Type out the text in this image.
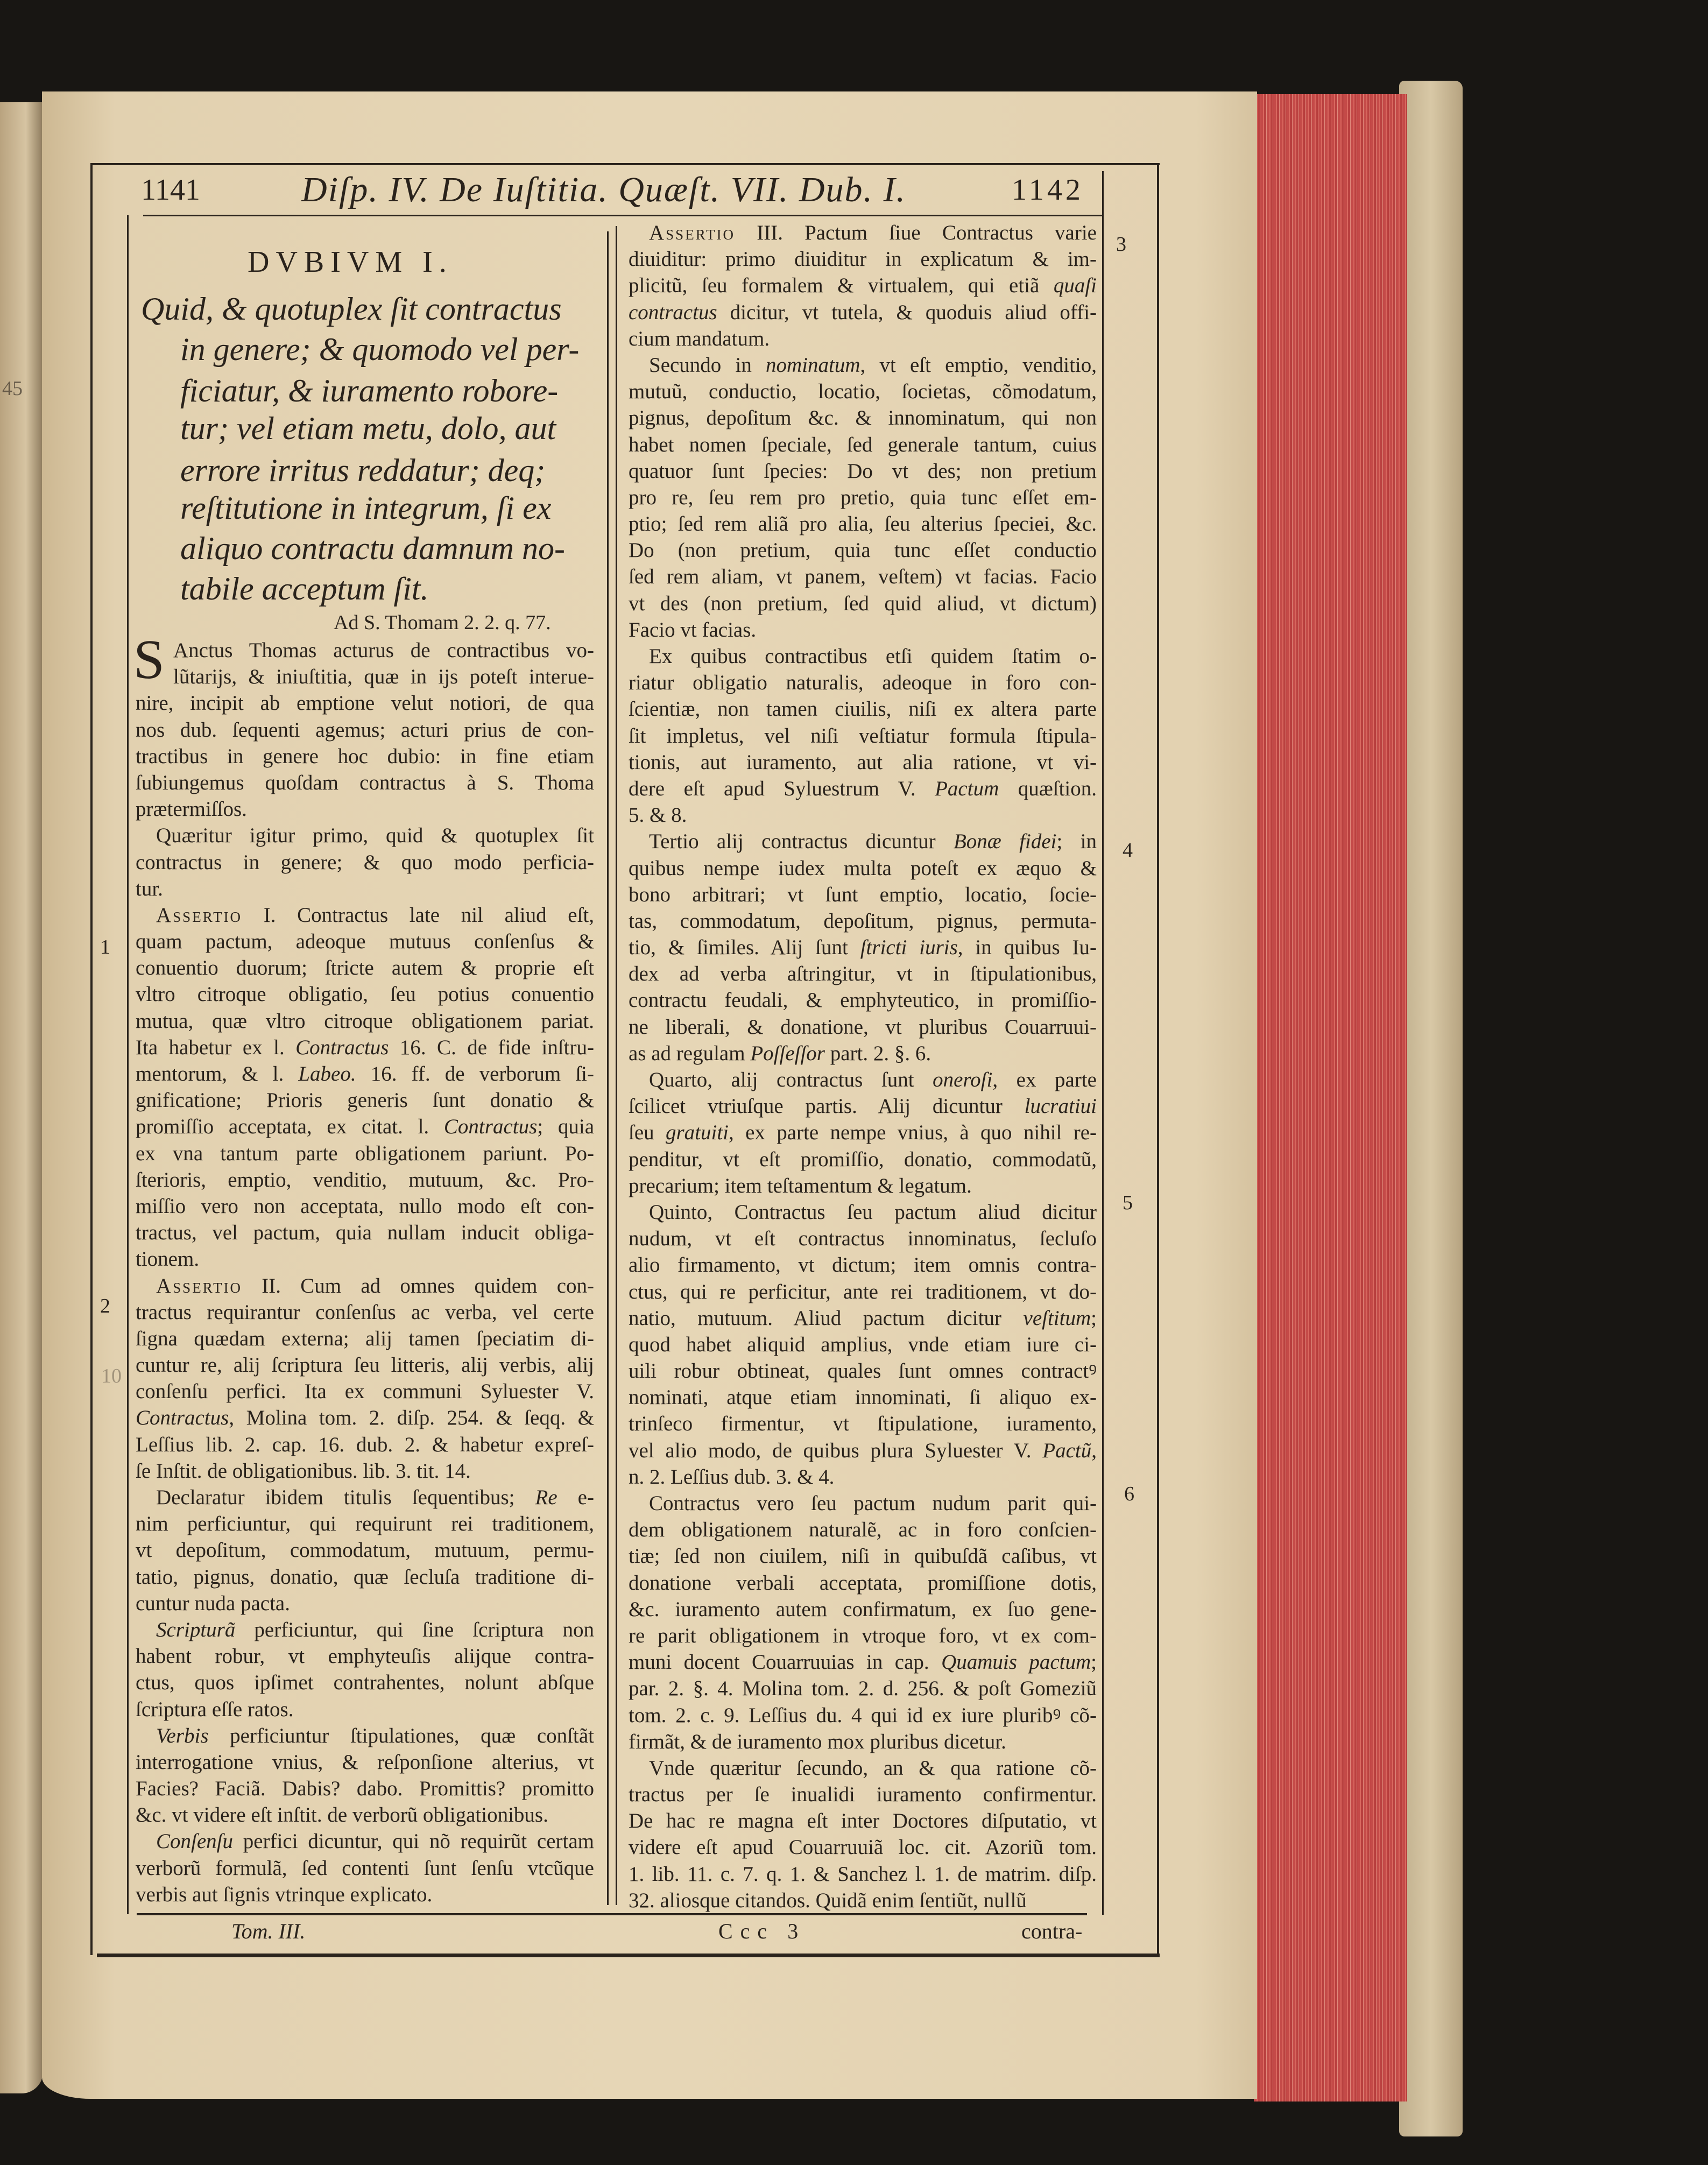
1141	Diſp. IV. De Iuſtitia. Quæſt. VII. Dub. I.	1142
DVBIVM I.
Quid, & quotuplex ſit contractus
in genere; & quomodo vel per-
ficiatur, & iuramento robore-
tur; vel etiam metu, dolo, aut
errore irritus reddatur; deq;
reſtitutione in integrum, ſi ex
aliquo contractu damnum no-
tabile acceptum ſit.
Ad S. Thomam 2. 2. q. 77.
S Anctus Thomas acturus de contractibus vo-
lũtarijs, & iniuſtitia, quæ in ijs poteſt interue-
nire, incipit ab emptione velut notiori, de qua
nos dub. ſequenti agemus; acturi prius de con-
tractibus in genere hoc dubio: in fine etiam
ſubiungemus quoſdam contractus à S. Thoma
prætermiſſos.
Quæritur igitur primo, quid & quotuplex ſit
contractus in genere; & quo modo perficia-
tur.
Assertio I. Contractus late nil aliud eſt,
quam pactum, adeoque mutuus conſenſus &
conuentio duorum; ſtricte autem & proprie eſt
vltro citroque obligatio, ſeu potius conuentio
mutua, quæ vltro citroque obligationem pariat.
Ita habetur ex l. Contractus 16. C. de fide inſtru-
mentorum, & l. Labeo. 16. ff. de verborum ſi-
gnificatione; Prioris generis ſunt donatio &
promiſſio acceptata, ex citat. l. Contractus; quia
ex vna tantum parte obligationem pariunt. Po-
ſterioris, emptio, venditio, mutuum, &c. Pro-
miſſio vero non acceptata, nullo modo eſt con-
tractus, vel pactum, quia nullam inducit obliga-
tionem.
Assertio II. Cum ad omnes quidem con-
tractus requirantur conſenſus ac verba, vel certe
ſigna quædam externa; alij tamen ſpeciatim di-
cuntur re, alij ſcriptura ſeu litteris, alij verbis, alij
conſenſu perfici. Ita ex communi Syluester V.
Contractus, Molina tom. 2. diſp. 254. & ſeqq. &
Leſſius lib. 2. cap. 16. dub. 2. & habetur expreſ-
ſe Inſtit. de obligationibus. lib. 3. tit. 14.
Declaratur ibidem titulis ſequentibus; Re e-
nim perficiuntur, qui requirunt rei traditionem,
vt depoſitum, commodatum, mutuum, permu-
tatio, pignus, donatio, quæ ſecluſa traditione di-
cuntur nuda pacta.
Scripturã perficiuntur, qui ſine ſcriptura non
habent robur, vt emphyteuſis alijque contra-
ctus, quos ipſimet contrahentes, nolunt abſque
ſcriptura eſſe ratos.
Verbis perficiuntur ſtipulationes, quæ conſtãt
interrogatione vnius, & reſponſione alterius, vt
Facies? Faciã. Dabis? dabo. Promittis? promitto
&c. vt videre eſt inſtit. de verborũ obligationibus.
Conſenſu perfici dicuntur, qui nõ requirũt certam
verborũ formulã, ſed contenti ſunt ſenſu vtcũque
verbis aut ſignis vtrinque explicato.
Assertio III. Pactum ſiue Contractus varie
diuiditur: primo diuiditur in explicatum & im-
plicitũ, ſeu formalem & virtualem, qui etiã quaſi
contractus dicitur, vt tutela, & quoduis aliud offi-
cium mandatum.
Secundo in nominatum, vt eſt emptio, venditio,
mutuũ, conductio, locatio, ſocietas, cõmodatum,
pignus, depoſitum &c. & innominatum, qui non
habet nomen ſpeciale, ſed generale tantum, cuius
quatuor ſunt ſpecies: Do vt des; non pretium
pro re, ſeu rem pro pretio, quia tunc eſſet em-
ptio; ſed rem aliã pro alia, ſeu alterius ſpeciei, &c.
Do (non pretium, quia tunc eſſet conductio
ſed rem aliam, vt panem, veſtem) vt facias. Facio
vt des (non pretium, ſed quid aliud, vt dictum)
Facio vt facias.
Ex quibus contractibus etſi quidem ſtatim o-
riatur obligatio naturalis, adeoque in foro con-
ſcientiæ, non tamen ciuilis, niſi ex altera parte
ſit impletus, vel niſi veſtiatur formula ſtipula-
tionis, aut iuramento, aut alia ratione, vt vi-
dere eſt apud Syluestrum V. Pactum quæſtion.
5. & 8.
Tertio alij contractus dicuntur Bonæ fidei; in
quibus nempe iudex multa poteſt ex æquo &
bono arbitrari; vt ſunt emptio, locatio, ſocie-
tas, commodatum, depoſitum, pignus, permuta-
tio, & ſimiles. Alij ſunt ſtricti iuris, in quibus Iu-
dex ad verba aſtringitur, vt in ſtipulationibus,
contractu feudali, & emphyteutico, in promiſſio-
ne liberali, & donatione, vt pluribus Couarruui-
as ad regulam Poſſeſſor part. 2. §. 6.
Quarto, alij contractus ſunt oneroſi, ex parte
ſcilicet vtriuſque partis. Alij dicuntur lucratiui
ſeu gratuiti, ex parte nempe vnius, à quo nihil re-
penditur, vt eſt promiſſio, donatio, commodatũ,
precarium; item teſtamentum & legatum.
Quinto, Contractus ſeu pactum aliud dicitur
nudum, vt eſt contractus innominatus, ſecluſo
alio firmamento, vt dictum; item omnis contra-
ctus, qui re perficitur, ante rei traditionem, vt do-
natio, mutuum. Aliud pactum dicitur veſtitum;
quod habet aliquid amplius, vnde etiam iure ci-
uili robur obtineat, quales ſunt omnes contractꝰ
nominati, atque etiam innominati, ſi aliquo ex-
trinſeco firmentur, vt ſtipulatione, iuramento,
vel alio modo, de quibus plura Syluester V. Pactũ,
n. 2. Leſſius dub. 3. & 4.
Contractus vero ſeu pactum nudum parit qui-
dem obligationem naturalẽ, ac in foro conſcien-
tiæ; ſed non ciuilem, niſi in quibuſdã caſibus, vt
donatione verbali acceptata, promiſſione dotis,
&c. iuramento autem confirmatum, ex ſuo gene-
re parit obligationem in vtroque foro, vt ex com-
muni docent Couarruuias in cap. Quamuis pactum;
par. 2. §. 4. Molina tom. 2. d. 256. & poſt Gomeziũ
tom. 2. c. 9. Leſſius du. 4 qui id ex iure pluribꝰ cõ-
firmãt, & de iuramento mox pluribus dicetur.
Vnde quæritur ſecundo, an & qua ratione cõ-
tractus per ſe inualidi iuramento confirmentur.
De hac re magna eſt inter Doctores diſputatio, vt
videre eſt apud Couarruuiã loc. cit. Azoriũ tom.
1. lib. 11. c. 7. q. 1. & Sanchez l. 1. de matrim. diſp.
32. aliosque citandos. Quidã enim ſentiũt, nullũ
3
4
5
6
1
2
10
45
Tom. III.	Ccc 3	contra-
